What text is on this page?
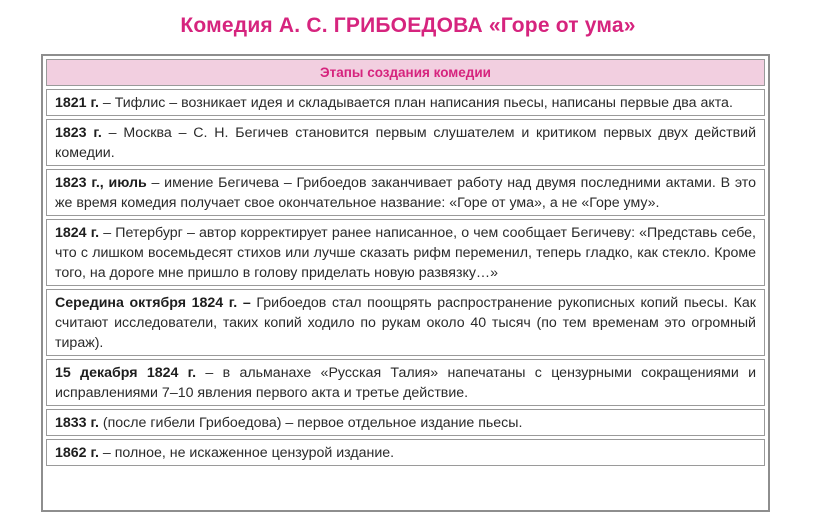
Комедия А. С. ГРИБОЕДОВА «Горе от ума»
Этапы создания комедии
1821 г. – Тифлис – возникает идея и складывается план написания пьесы, написаны первые два акта.
1823 г. – Москва – С. Н. Бегичев становится первым слушателем и критиком первых двух действий комедии.
1823 г., июль – имение Бегичева – Грибоедов заканчивает работу над двумя последними актами. В это же время комедия получает свое окончательное название: «Горе от ума», а не «Горе уму».
1824 г. – Петербург – автор корректирует ранее написанное, о чем сообщает Бегичеву: «Представь себе, что с лишком восемьдесят стихов или лучше сказать рифм переменил, теперь гладко, как стекло. Кроме того, на дороге мне пришло в голову приделать новую развязку…»
Середина октября 1824 г. – Грибоедов стал поощрять распространение рукописных копий пьесы. Как считают исследователи, таких копий ходило по рукам около 40 тысяч (по тем временам это огромный тираж).
15 декабря 1824 г. – в альманахе «Русская Талия» напечатаны с цензурными сокращениями и исправлениями 7–10 явления первого акта и третье действие.
1833 г. (после гибели Грибоедова) – первое отдельное издание пьесы.
1862 г. – полное, не искаженное цензурой издание.
